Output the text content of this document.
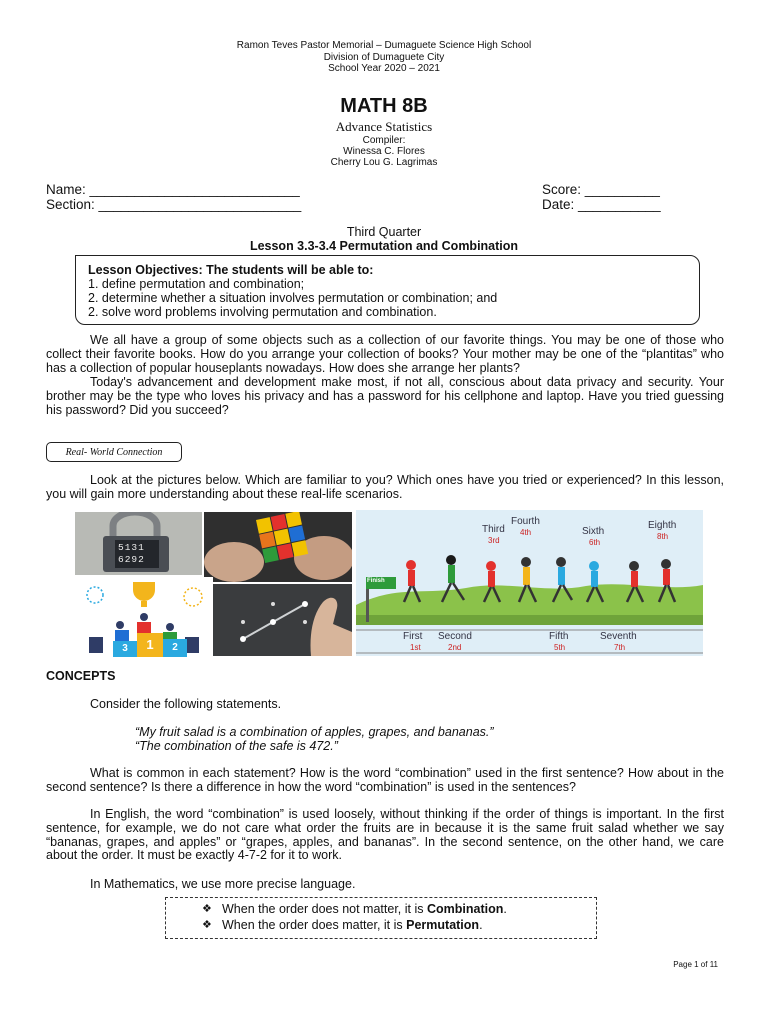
Ramon Teves Pastor Memorial – Dumaguete Science High School
Division of Dumaguete City
School Year 2020 – 2021
MATH 8B
Advance Statistics
Compiler:
Winessa C. Flores
Cherry Lou G. Lagrimas
Name: ____________________________
Section: ___________________________
Score: __________
Date: ___________
Third Quarter
Lesson 3.3-3.4 Permutation and Combination
Lesson Objectives: The students will be able to:
1. define permutation and combination;
2. determine whether a situation involves permutation or combination; and
2. solve word problems involving permutation and combination.
We all have a group of some objects such as a collection of our favorite things. You may be one of those who collect their favorite books. How do you arrange your collection of books? Your mother may be one of the “plantitas” who has a collection of popular houseplants nowadays. How does she arrange her plants?
Today's advancement and development make most, if not all, conscious about data privacy and security. Your brother may be the type who loves his privacy and has a password for his cellphone and laptop. Have you tried guessing his password? Did you succeed?
Real- World Connection
Look at the pictures below. Which are familiar to you? Which ones have you tried or experienced? In this lesson, you will gain more understanding about these real-life scenarios.
5131
6292
3	1	2
Finish
Third
3rd
Fourth
4th	Sixth
6th
Eighth
8th
First
1st
Second
2nd
Fifth
5th
Seventh
7th
CONCEPTS
Consider the following statements.
“My fruit salad is a combination of apples, grapes, and bananas.”
“The combination of the safe is 472.”
What is common in each statement? How is the word “combination” used in the first sentence? How about in the second sentence? Is there a difference in how the word “combination” is used in the sentences?
In English, the word “combination” is used loosely, without thinking if the order of things is important. In the first sentence, for example, we do not care what order the fruits are in because it is the same fruit salad whether we say “bananas, grapes, and apples” or “grapes, apples, and bananas”. In the second sentence, on the other hand, we care about the order. It must be exactly 4-7-2 for it to work.
In Mathematics, we use more precise language.
❖ When the order does not matter, it is Combination .
❖ When the order does matter, it is Permutation .
Page 1 of 11
